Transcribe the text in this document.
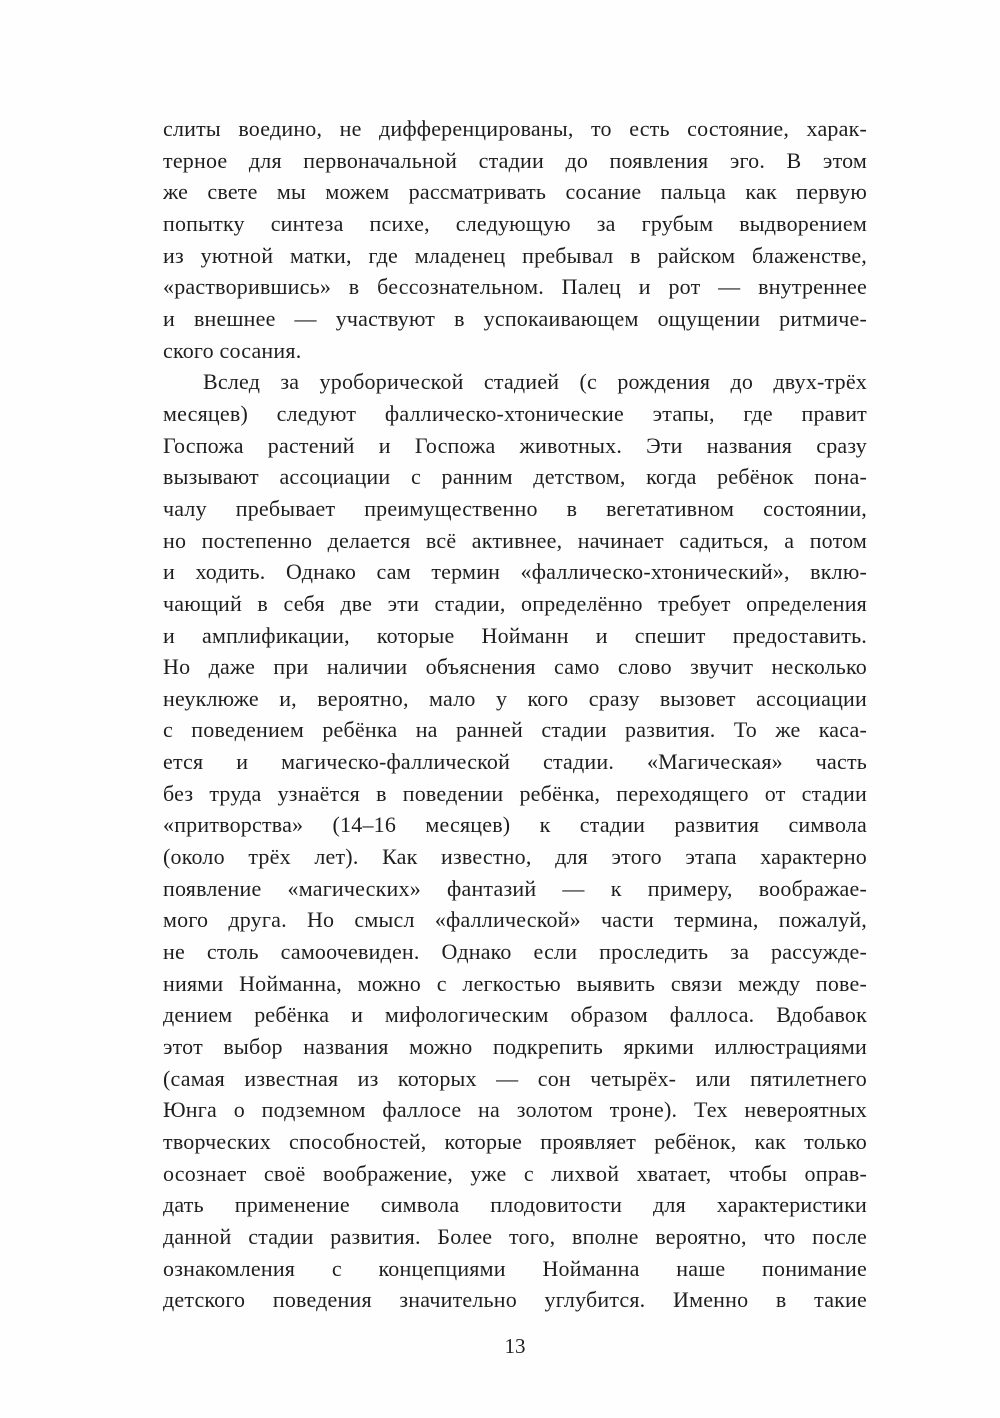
слиты воедино, не дифференцированы, то есть состояние, харак-
терное для первоначальной стадии до появления эго. В этом
же свете мы можем рассматривать сосание пальца как первую
попытку синтеза психе, следующую за грубым выдворением
из уютной матки, где младенец пребывал в райском блаженстве,
«растворившись» в бессознательном. Палец и рот — внутреннее
и внешнее — участвуют в успокаивающем ощущении ритмиче-
ского сосания.
Вслед за уроборической стадией (с рождения до двух-трёх
месяцев) следуют фаллическо-хтонические этапы, где правит
Госпожа растений и Госпожа животных. Эти названия сразу
вызывают ассоциации с ранним детством, когда ребёнок пона-
чалу пребывает преимущественно в вегетативном состоянии,
но постепенно делается всё активнее, начинает садиться, а потом
и ходить. Однако сам термин «фаллическо-хтонический», вклю-
чающий в себя две эти стадии, определённо требует определения
и амплификации, которые Нойманн и спешит предоставить.
Но даже при наличии объяснения само слово звучит несколько
неуклюже и, вероятно, мало у кого сразу вызовет ассоциации
с поведением ребёнка на ранней стадии развития. То же каса-
ется и магическо-фаллической стадии. «Магическая» часть
без труда узнаётся в поведении ребёнка, переходящего от стадии
«притворства» (14–16 месяцев) к стадии развития символа
(около трёх лет). Как известно, для этого этапа характерно
появление «магических» фантазий — к примеру, воображае-
мого друга. Но смысл «фаллической» части термина, пожалуй,
не столь самоочевиден. Однако если проследить за рассужде-
ниями Нойманна, можно с легкостью выявить связи между пове-
дением ребёнка и мифологическим образом фаллоса. Вдобавок
этот выбор названия можно подкрепить яркими иллюстрациями
(самая известная из которых — сон четырёх- или пятилетнего
Юнга о подземном фаллосе на золотом троне). Тех невероятных
творческих способностей, которые проявляет ребёнок, как только
осознает своё воображение, уже с лихвой хватает, чтобы оправ-
дать применение символа плодовитости для характеристики
данной стадии развития. Более того, вполне вероятно, что после
ознакомления с концепциями Нойманна наше понимание
детского поведения значительно углубится. Именно в такие
13
